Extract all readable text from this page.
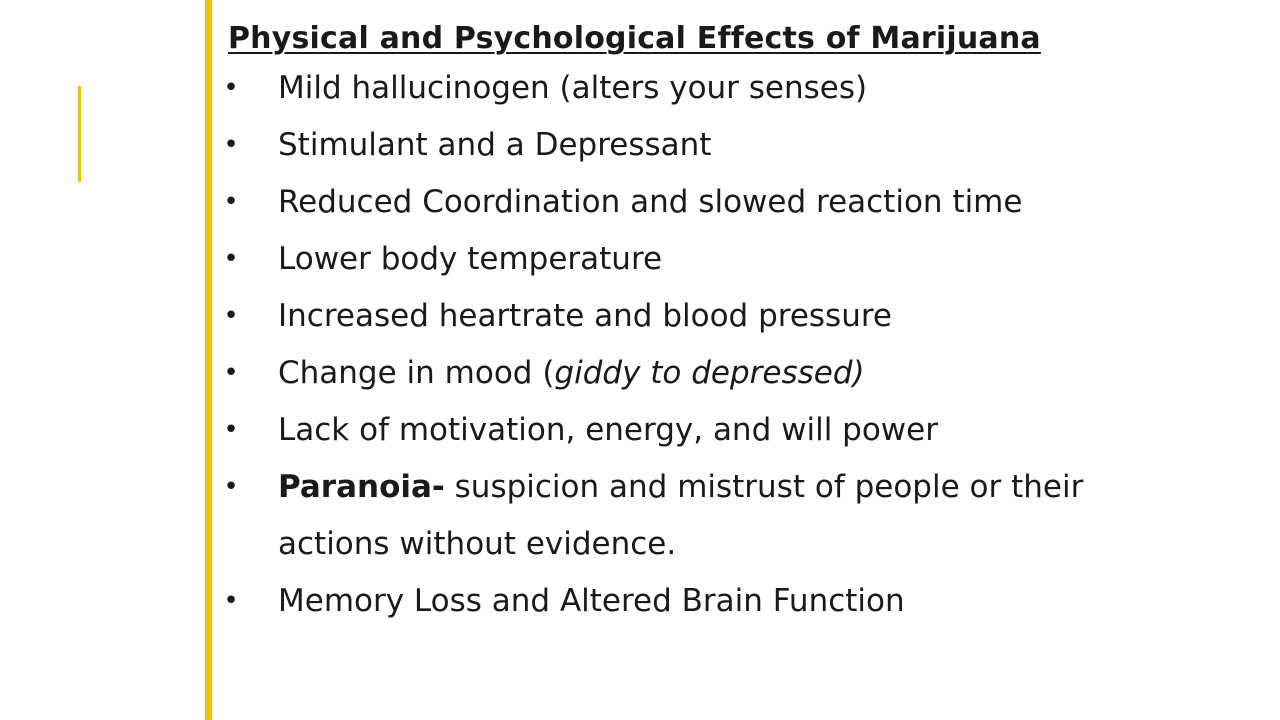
Physical and Psychological Effects of Marijuana
• Mild hallucinogen (alters your senses)
• Stimulant and a Depressant
• Reduced Coordination and slowed reaction time
• Lower body temperature
• Increased heartrate and blood pressure
• Change in mood (giddy to depressed)
• Lack of motivation, energy, and will power
• Paranoia- suspicion and mistrust of people or their actions without evidence.
• Memory Loss and Altered Brain Function
